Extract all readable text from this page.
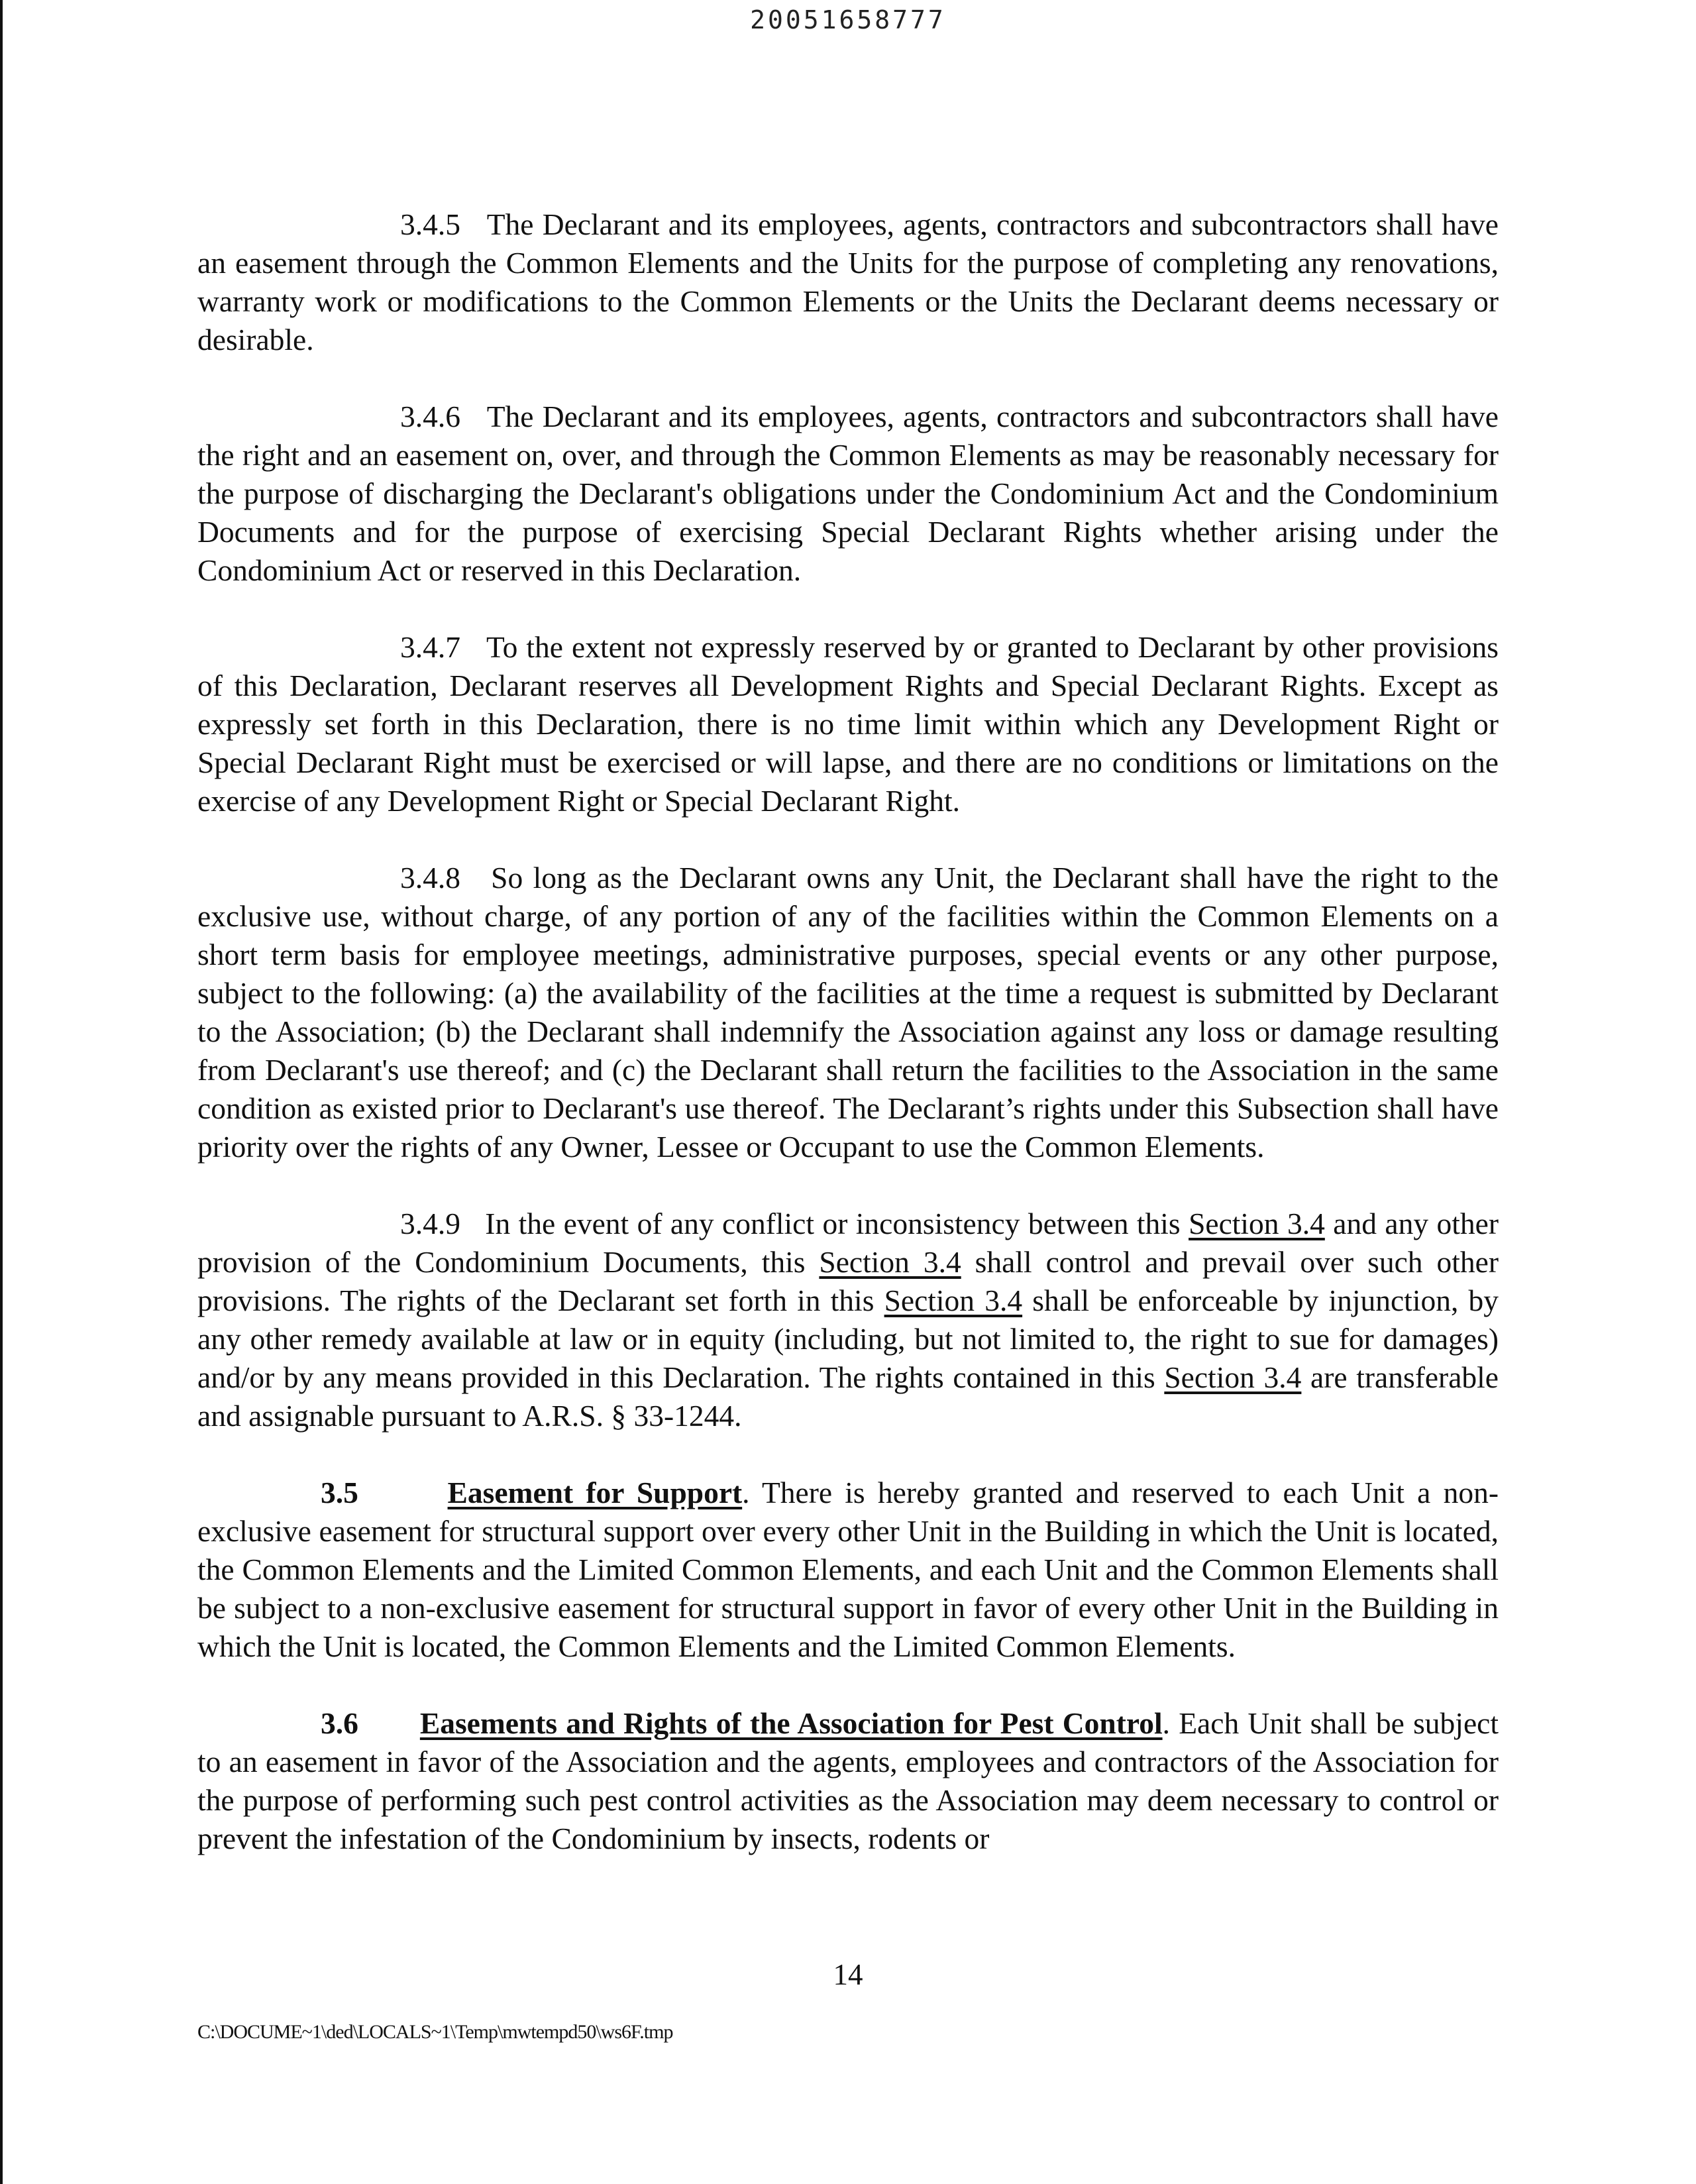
20051658777

3.4.5 The Declarant and its employees, agents, contractors and subcontractors shall have an easement through the Common Elements and the Units for the purpose of completing any renovations, warranty work or modifications to the Common Elements or the Units the Declarant deems necessary or desirable.

3.4.6 The Declarant and its employees, agents, contractors and subcontractors shall have the right and an easement on, over, and through the Common Elements as may be reasonably necessary for the purpose of discharging the Declarant's obligations under the Condominium Act and the Condominium Documents and for the purpose of exercising Special Declarant Rights whether arising under the Condominium Act or reserved in this Declaration.

3.4.7 To the extent not expressly reserved by or granted to Declarant by other provisions of this Declaration, Declarant reserves all Development Rights and Special Declarant Rights. Except as expressly set forth in this Declaration, there is no time limit within which any Development Right or Special Declarant Right must be exercised or will lapse, and there are no conditions or limitations on the exercise of any Development Right or Special Declarant Right.

3.4.8 So long as the Declarant owns any Unit, the Declarant shall have the right to the exclusive use, without charge, of any portion of any of the facilities within the Common Elements on a short term basis for employee meetings, administrative purposes, special events or any other purpose, subject to the following: (a) the availability of the facilities at the time a request is submitted by Declarant to the Association; (b) the Declarant shall indemnify the Association against any loss or damage resulting from Declarant's use thereof; and (c) the Declarant shall return the facilities to the Association in the same condition as existed prior to Declarant's use thereof. The Declarant’s rights under this Subsection shall have priority over the rights of any Owner, Lessee or Occupant to use the Common Elements.

3.4.9 In the event of any conflict or inconsistency between this Section 3.4 and any other provision of the Condominium Documents, this Section 3.4 shall control and prevail over such other provisions. The rights of the Declarant set forth in this Section 3.4 shall be enforceable by injunction, by any other remedy available at law or in equity (including, but not limited to, the right to sue for damages) and/or by any means provided in this Declaration. The rights contained in this Section 3.4 are transferable and assignable pursuant to A.R.S. § 33-1244.

3.5	Easement for Support. There is hereby granted and reserved to each Unit a non-exclusive easement for structural support over every other Unit in the Building in which the Unit is located, the Common Elements and the Limited Common Elements, and each Unit and the Common Elements shall be subject to a non-exclusive easement for structural support in favor of every other Unit in the Building in which the Unit is located, the Common Elements and the Limited Common Elements.

3.6 Easements and Rights of the Association for Pest Control. Each Unit shall be subject to an easement in favor of the Association and the agents, employees and contractors of the Association for the purpose of performing such pest control activities as the Association may deem necessary to control or prevent the infestation of the Condominium by insects, rodents or

14
C:\DOCUME~1\ded\LOCALS~1\Temp\mwtempd50\ws6F.tmp
